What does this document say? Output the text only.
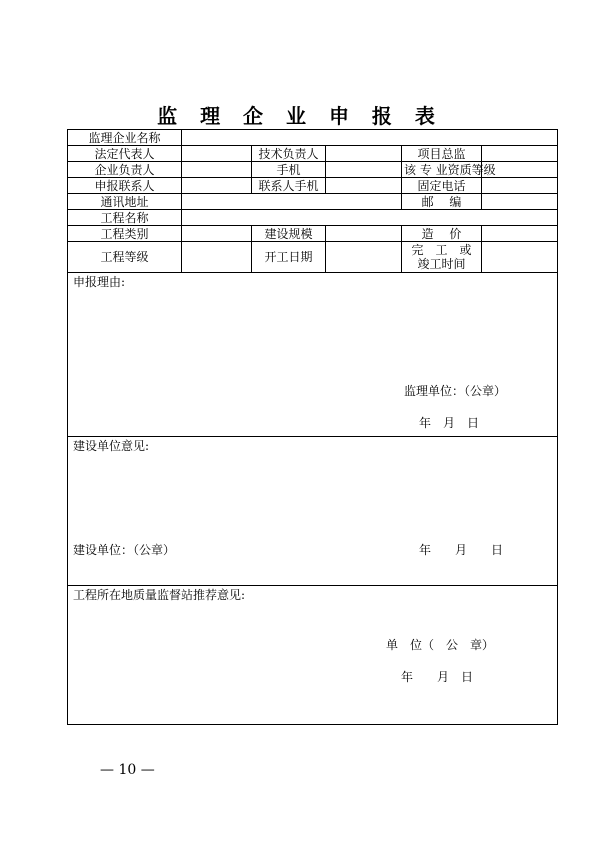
监 理 企 业 申 报 表
监理企业名称					
法定代表人		技术负责人		项目总监	
企业负责人		手机		该 专 业资质等级	
申报联系人		联系人手机		固定电话	
通讯地址				邮　 编	
工程名称					
工程类别		建设规模		造　 价	
工程等级		开工日期		完　工　或
竣工时间	

申报理由:
监理单位：（公章）
年　月　日					

建设单位意见:
建设单位：（公章） 年　　月　　日					

工程所在地质量监督站推荐意见:
单　位（　公　章）
年　　月　日					
— 10 —
